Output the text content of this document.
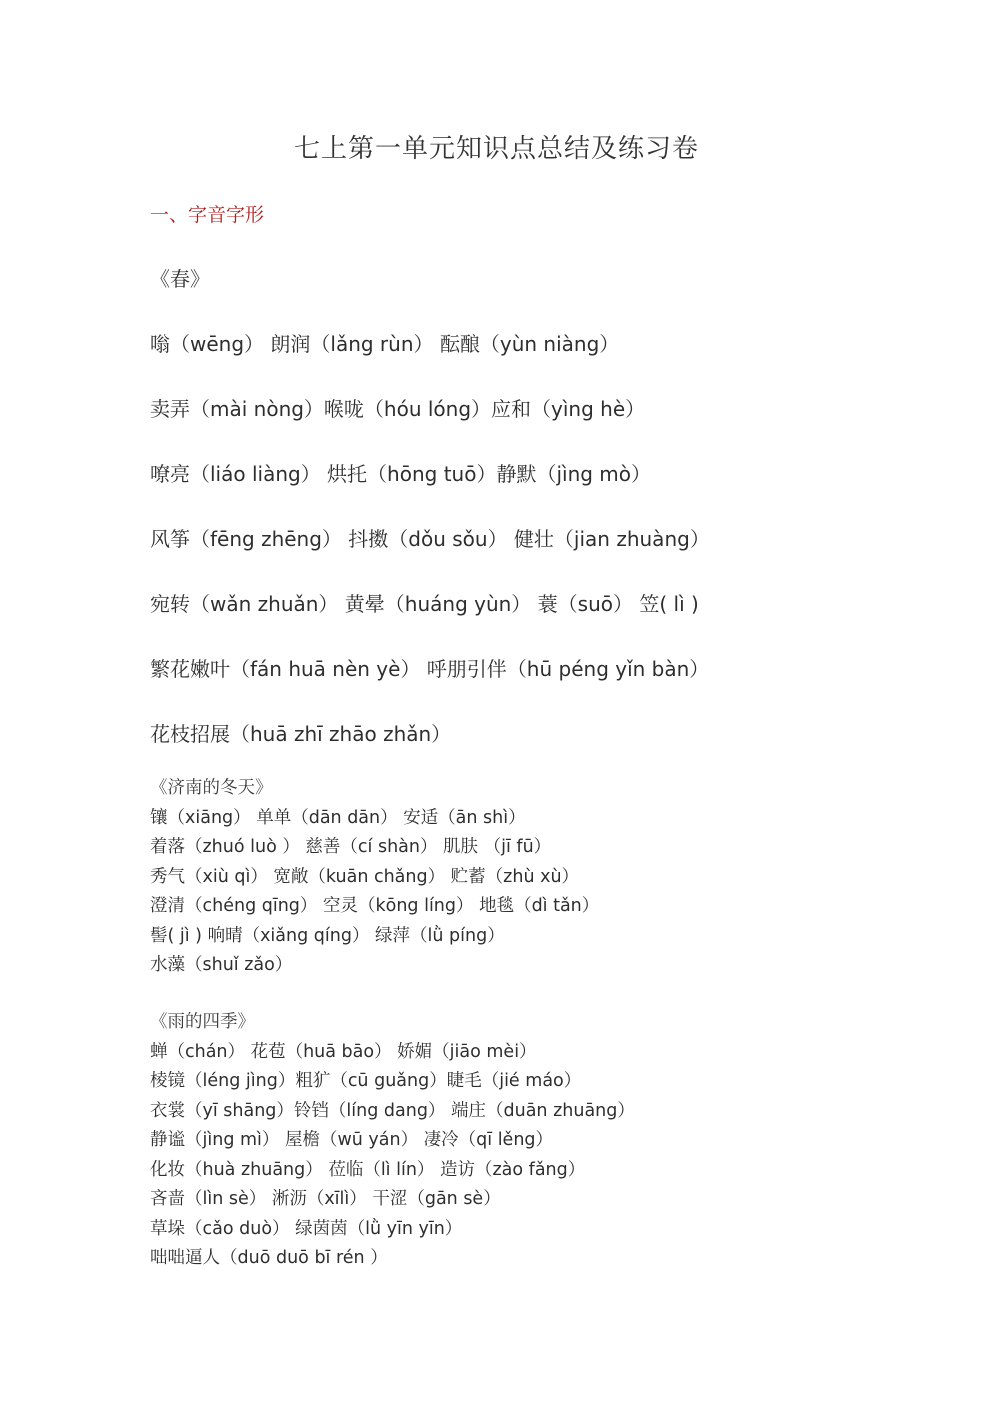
七上第一单元知识点总结及练习卷
一、字音字形
《春》
嗡（wēng） 朗润（lǎng rùn） 酝酿（yùn niàng）
卖弄（mài nòng）喉咙（hóu lóng）应和（yìng hè）
嘹亮（liáo liàng） 烘托（hōng tuō）静默（jìng mò）
风筝（fēng zhēng） 抖擞（dǒu sǒu） 健壮（jian zhuàng）
宛转（wǎn zhuǎn） 黄晕（huáng yùn） 蓑（suō） 笠( lì )
繁花嫩叶（fán huā nèn yè） 呼朋引伴（hū péng yǐn bàn）
花枝招展（huā zhī zhāo zhǎn）
《济南的冬天》
镶（xiāng） 单单（dān dān） 安适（ān shì）
着落（zhuó luò ） 慈善（cí shàn） 肌肤 （jī fū）
秀气（xiù qì） 宽敞（kuān chǎng） 贮蓄（zhù xù）
澄清（chéng qīng） 空灵（kōng líng） 地毯（dì tǎn）
髻( jì ) 响晴（xiǎng qíng） 绿萍（lǜ píng）
水藻（shuǐ zǎo）
《雨的四季》
蝉（chán） 花苞（huā bāo） 娇媚（jiāo mèi）
棱镜（léng jìng）粗犷（cū guǎng）睫毛（jié máo）
衣裳（yī shāng）铃铛（líng dang） 端庄（duān zhuāng）
静谧（jìng mì） 屋檐（wū yán） 凄冷（qī lěng）
化妆（huà zhuāng） 莅临（lì lín） 造访（zào fǎng）
吝啬（lìn sè） 淅沥（xīlì） 干涩（gān sè）
草垛（cǎo duò） 绿茵茵（lǜ yīn yīn）
咄咄逼人（duō duō bī rén ）
